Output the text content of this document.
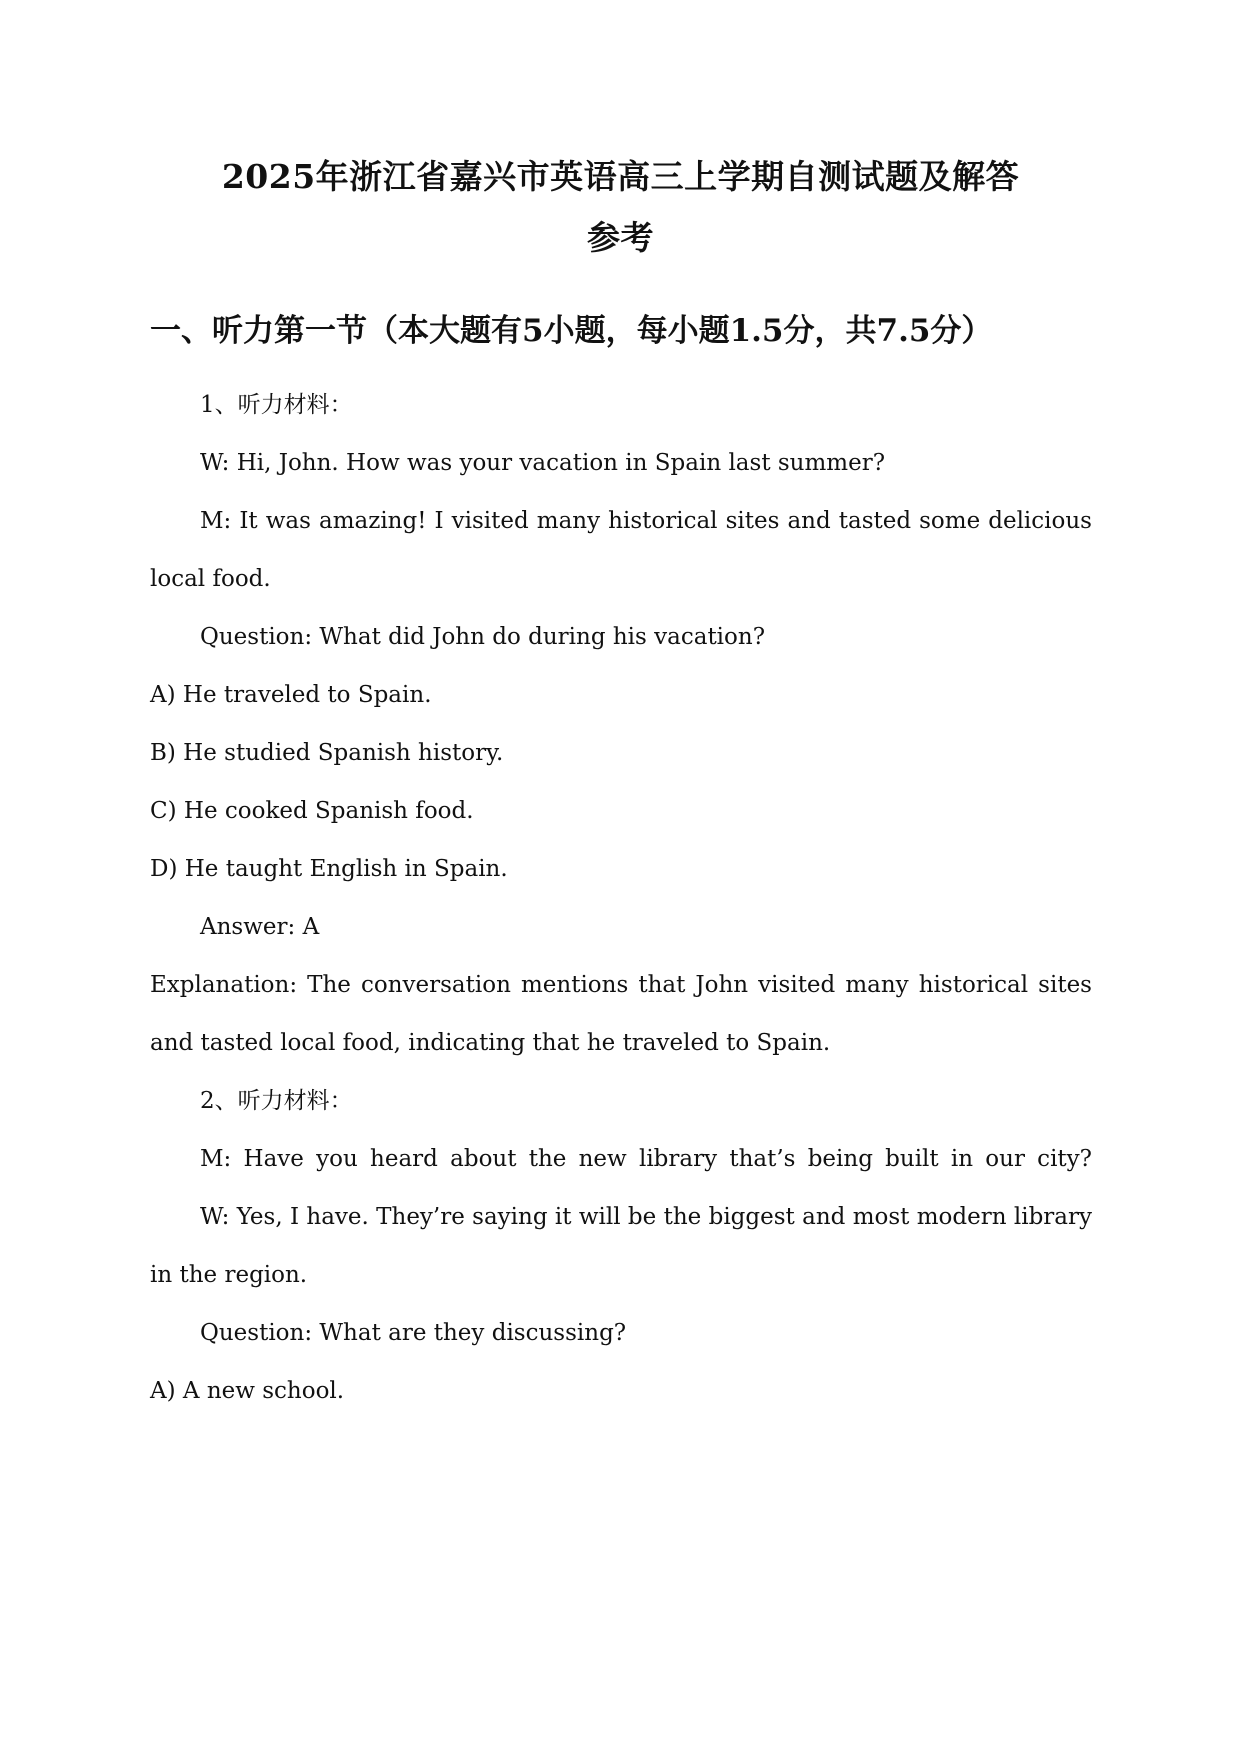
2025年浙江省嘉兴市英语高三上学期自测试题及解答
参考
一、听力第一节（本大题有5小题，每小题1.5分，共7.5分）
1、听力材料：
W: Hi, John. How was your vacation in Spain last summer?
M: It was amazing! I visited many historical sites and tasted some delicious
local food.
Question: What did John do during his vacation?
A) He traveled to Spain.
B) He studied Spanish history.
C) He cooked Spanish food.
D) He taught English in Spain.
Answer: A
Explanation: The conversation mentions that John visited many historical sites
and tasted local food, indicating that he traveled to Spain.
2、听力材料：
M: Have you heard about the new library that’s being built in our city?
W: Yes, I have. They’re saying it will be the biggest and most modern library
in the region.
Question: What are they discussing?
A) A new school.
